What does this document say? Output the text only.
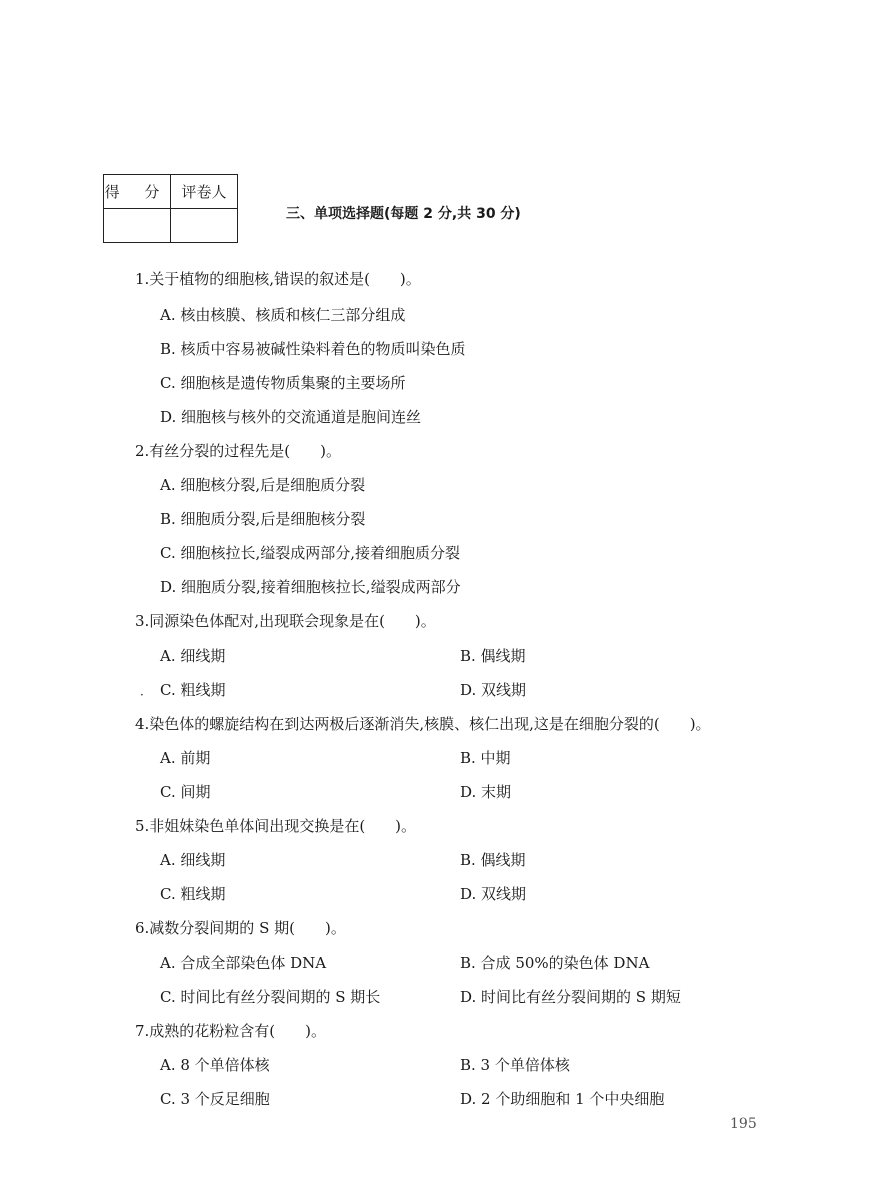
得 分	评卷人

三、单项选择题(每题 2 分,共 30 分)
1.关于植物的细胞核,错误的叙述是(　　)。
A. 核由核膜、核质和核仁三部分组成
B. 核质中容易被碱性染料着色的物质叫染色质
C. 细胞核是遗传物质集聚的主要场所
D. 细胞核与核外的交流通道是胞间连丝
2.有丝分裂的过程先是(　　)。
A. 细胞核分裂,后是细胞质分裂
B. 细胞质分裂,后是细胞核分裂
C. 细胞核拉长,缢裂成两部分,接着细胞质分裂
D. 细胞质分裂,接着细胞核拉长,缢裂成两部分
3.同源染色体配对,出现联会现象是在(　　)。
A. 细线期	B. 偶线期
· C. 粗线期	D. 双线期
4.染色体的螺旋结构在到达两极后逐渐消失,核膜、核仁出现,这是在细胞分裂的(　　)。
A. 前期	B. 中期
C. 间期	D. 末期
5.非姐妹染色单体间出现交换是在(　　)。
A. 细线期	B. 偶线期
C. 粗线期	D. 双线期
6.减数分裂间期的 S 期(　　)。
A. 合成全部染色体 DNA	B. 合成 50%的染色体 DNA
C. 时间比有丝分裂间期的 S 期长	D. 时间比有丝分裂间期的 S 期短
7.成熟的花粉粒含有(　　)。
A. 8 个单倍体核	B. 3 个单倍体核
C. 3 个反足细胞	D. 2 个助细胞和 1 个中央细胞
195
